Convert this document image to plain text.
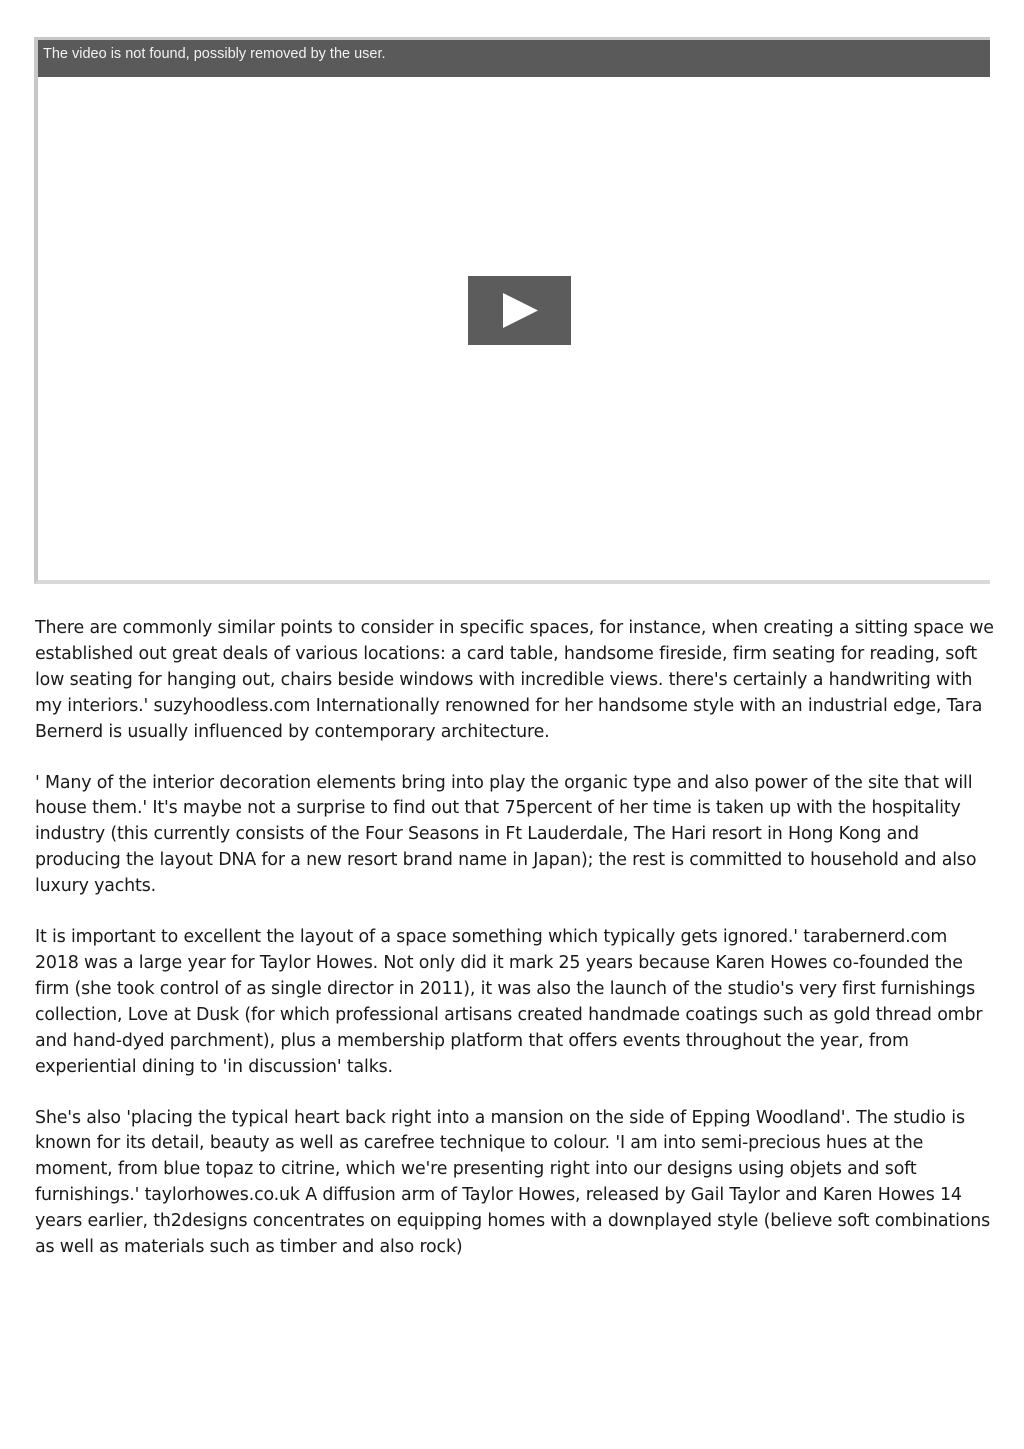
The video is not found, possibly removed by the user.

There are commonly similar points to consider in specific spaces, for instance, when creating a sitting space we established out great deals of various locations: a card table, handsome fireside, firm seating for reading, soft low seating for hanging out, chairs beside windows with incredible views. there's certainly a handwriting with my interiors.' suzyhoodless.com Internationally renowned for her handsome style with an industrial edge, Tara Bernerd is usually influenced by contemporary architecture.

' Many of the interior decoration elements bring into play the organic type and also power of the site that will house them.' It's maybe not a surprise to find out that 75percent of her time is taken up with the hospitality industry (this currently consists of the Four Seasons in Ft Lauderdale, The Hari resort in Hong Kong and producing the layout DNA for a new resort brand name in Japan); the rest is committed to household and also luxury yachts.

It is important to excellent the layout of a space something which typically gets ignored.' tarabernerd.com 2018 was a large year for Taylor Howes. Not only did it mark 25 years because Karen Howes co-founded the firm (she took control of as single director in 2011), it was also the launch of the studio's very first furnishings collection, Love at Dusk (for which professional artisans created handmade coatings such as gold thread ombr and hand-dyed parchment), plus a membership platform that offers events throughout the year, from experiential dining to 'in discussion' talks.

She's also 'placing the typical heart back right into a mansion on the side of Epping Woodland'. The studio is known for its detail, beauty as well as carefree technique to colour. 'I am into semi-precious hues at the moment, from blue topaz to citrine, which we're presenting right into our designs using objets and soft furnishings.' taylorhowes.co.uk A diffusion arm of Taylor Howes, released by Gail Taylor and Karen Howes 14 years earlier, th2designs concentrates on equipping homes with a downplayed style (believe soft combinations as well as materials such as timber and also rock)
